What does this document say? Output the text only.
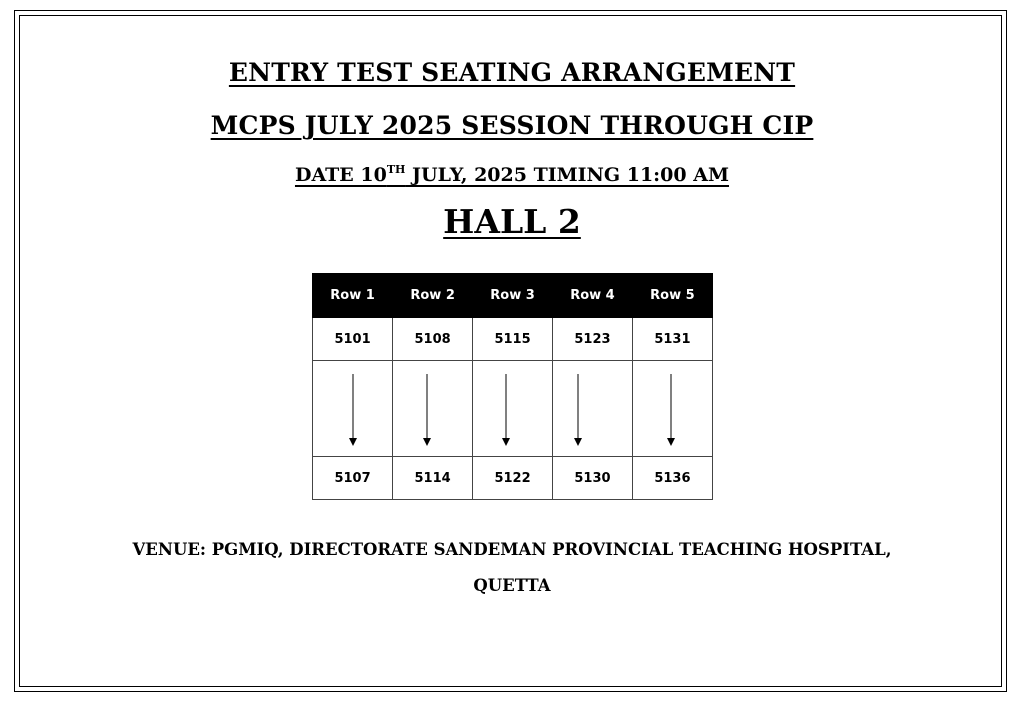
ENTRY TEST SEATING ARRANGEMENT
MCPS JULY 2025 SESSION THROUGH CIP
DATE 10TH JULY, 2025 TIMING 11:00 AM
HALL 2
Row 1	Row 2	Row 3	Row 4	Row 5
5101	5108	5115	5123	5131

5107	5114	5122	5130	5136
VENUE: PGMIQ, DIRECTORATE SANDEMAN PROVINCIAL TEACHING HOSPITAL,
QUETTA
